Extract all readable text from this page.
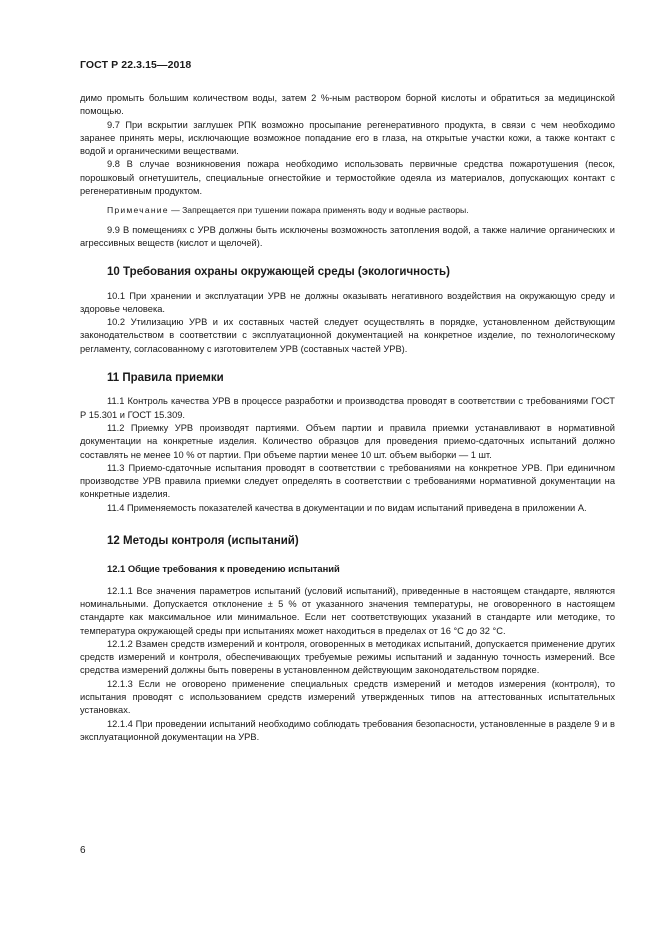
ГОСТ Р 22.3.15—2018

димо промыть большим количеством воды, затем 2 %-ным раствором борной кислоты и обратиться за медицинской помощью.

9.7 При вскрытии заглушек РПК возможно просыпание регенеративного продукта, в связи с чем необходимо заранее принять меры, исключающие возможное попадание его в глаза, на открытые участки кожи, а также контакт с водой и органическими веществами.

9.8 В случае возникновения пожара необходимо использовать первичные средства пожаротушения (песок, порошковый огнетушитель, специальные огнестойкие и термостойкие одеяла из материалов, допускающих контакт с регенеративным продуктом.

Примечание — Запрещается при тушении пожара применять воду и водные растворы.

9.9 В помещениях с УРВ должны быть исключены возможность затопления водой, а также наличие органических и агрессивных веществ (кислот и щелочей).

10 Требования охраны окружающей среды (экологичность)

10.1 При хранении и эксплуатации УРВ не должны оказывать негативного воздействия на окружающую среду и здоровье человека.

10.2 Утилизацию УРВ и их составных частей следует осуществлять в порядке, установленном действующим законодательством в соответствии с эксплуатационной документацией на конкретное изделие, по технологическому регламенту, согласованному с изготовителем УРВ (составных частей УРВ).

11 Правила приемки

11.1 Контроль качества УРВ в процессе разработки и производства проводят в соответствии с требованиями ГОСТ Р 15.301 и ГОСТ 15.309.

11.2 Приемку УРВ производят партиями. Объем партии и правила приемки устанавливают в нормативной документации на конкретные изделия. Количество образцов для проведения приемо-сдаточных испытаний должно составлять не менее 10 % от партии. При объеме партии менее 10 шт. объем выборки — 1 шт.

11.3 Приемо-сдаточные испытания проводят в соответствии с требованиями на конкретное УРВ. При единичном производстве УРВ правила приемки следует определять в соответствии с требованиями нормативной документации на конкретные изделия.

11.4 Применяемость показателей качества в документации и по видам испытаний приведена в приложении А.

12 Методы контроля (испытаний)
12.1 Общие требования к проведению испытаний

12.1.1 Все значения параметров испытаний (условий испытаний), приведенные в настоящем стандарте, являются номинальными. Допускается отклонение ± 5 % от указанного значения температуры, не оговоренного в настоящем стандарте как максимальное или минимальное. Если нет соответствующих указаний в стандарте или методике, то температура окружающей среды при испытаниях может находиться в пределах от 16 °С до 32 °С.

12.1.2 Взамен средств измерений и контроля, оговоренных в методиках испытаний, допускается применение других средств измерений и контроля, обеспечивающих требуемые режимы испытаний и заданную точность измерений. Все средства измерений должны быть поверены в установленном действующим законодательством порядке.

12.1.3 Если не оговорено применение специальных средств измерений и методов измерения (контроля), то испытания проводят с использованием средств измерений утвержденных типов на аттестованных испытательных установках.

12.1.4 При проведении испытаний необходимо соблюдать требования безопасности, установленные в разделе 9 и в эксплуатационной документации на УРВ.

6
